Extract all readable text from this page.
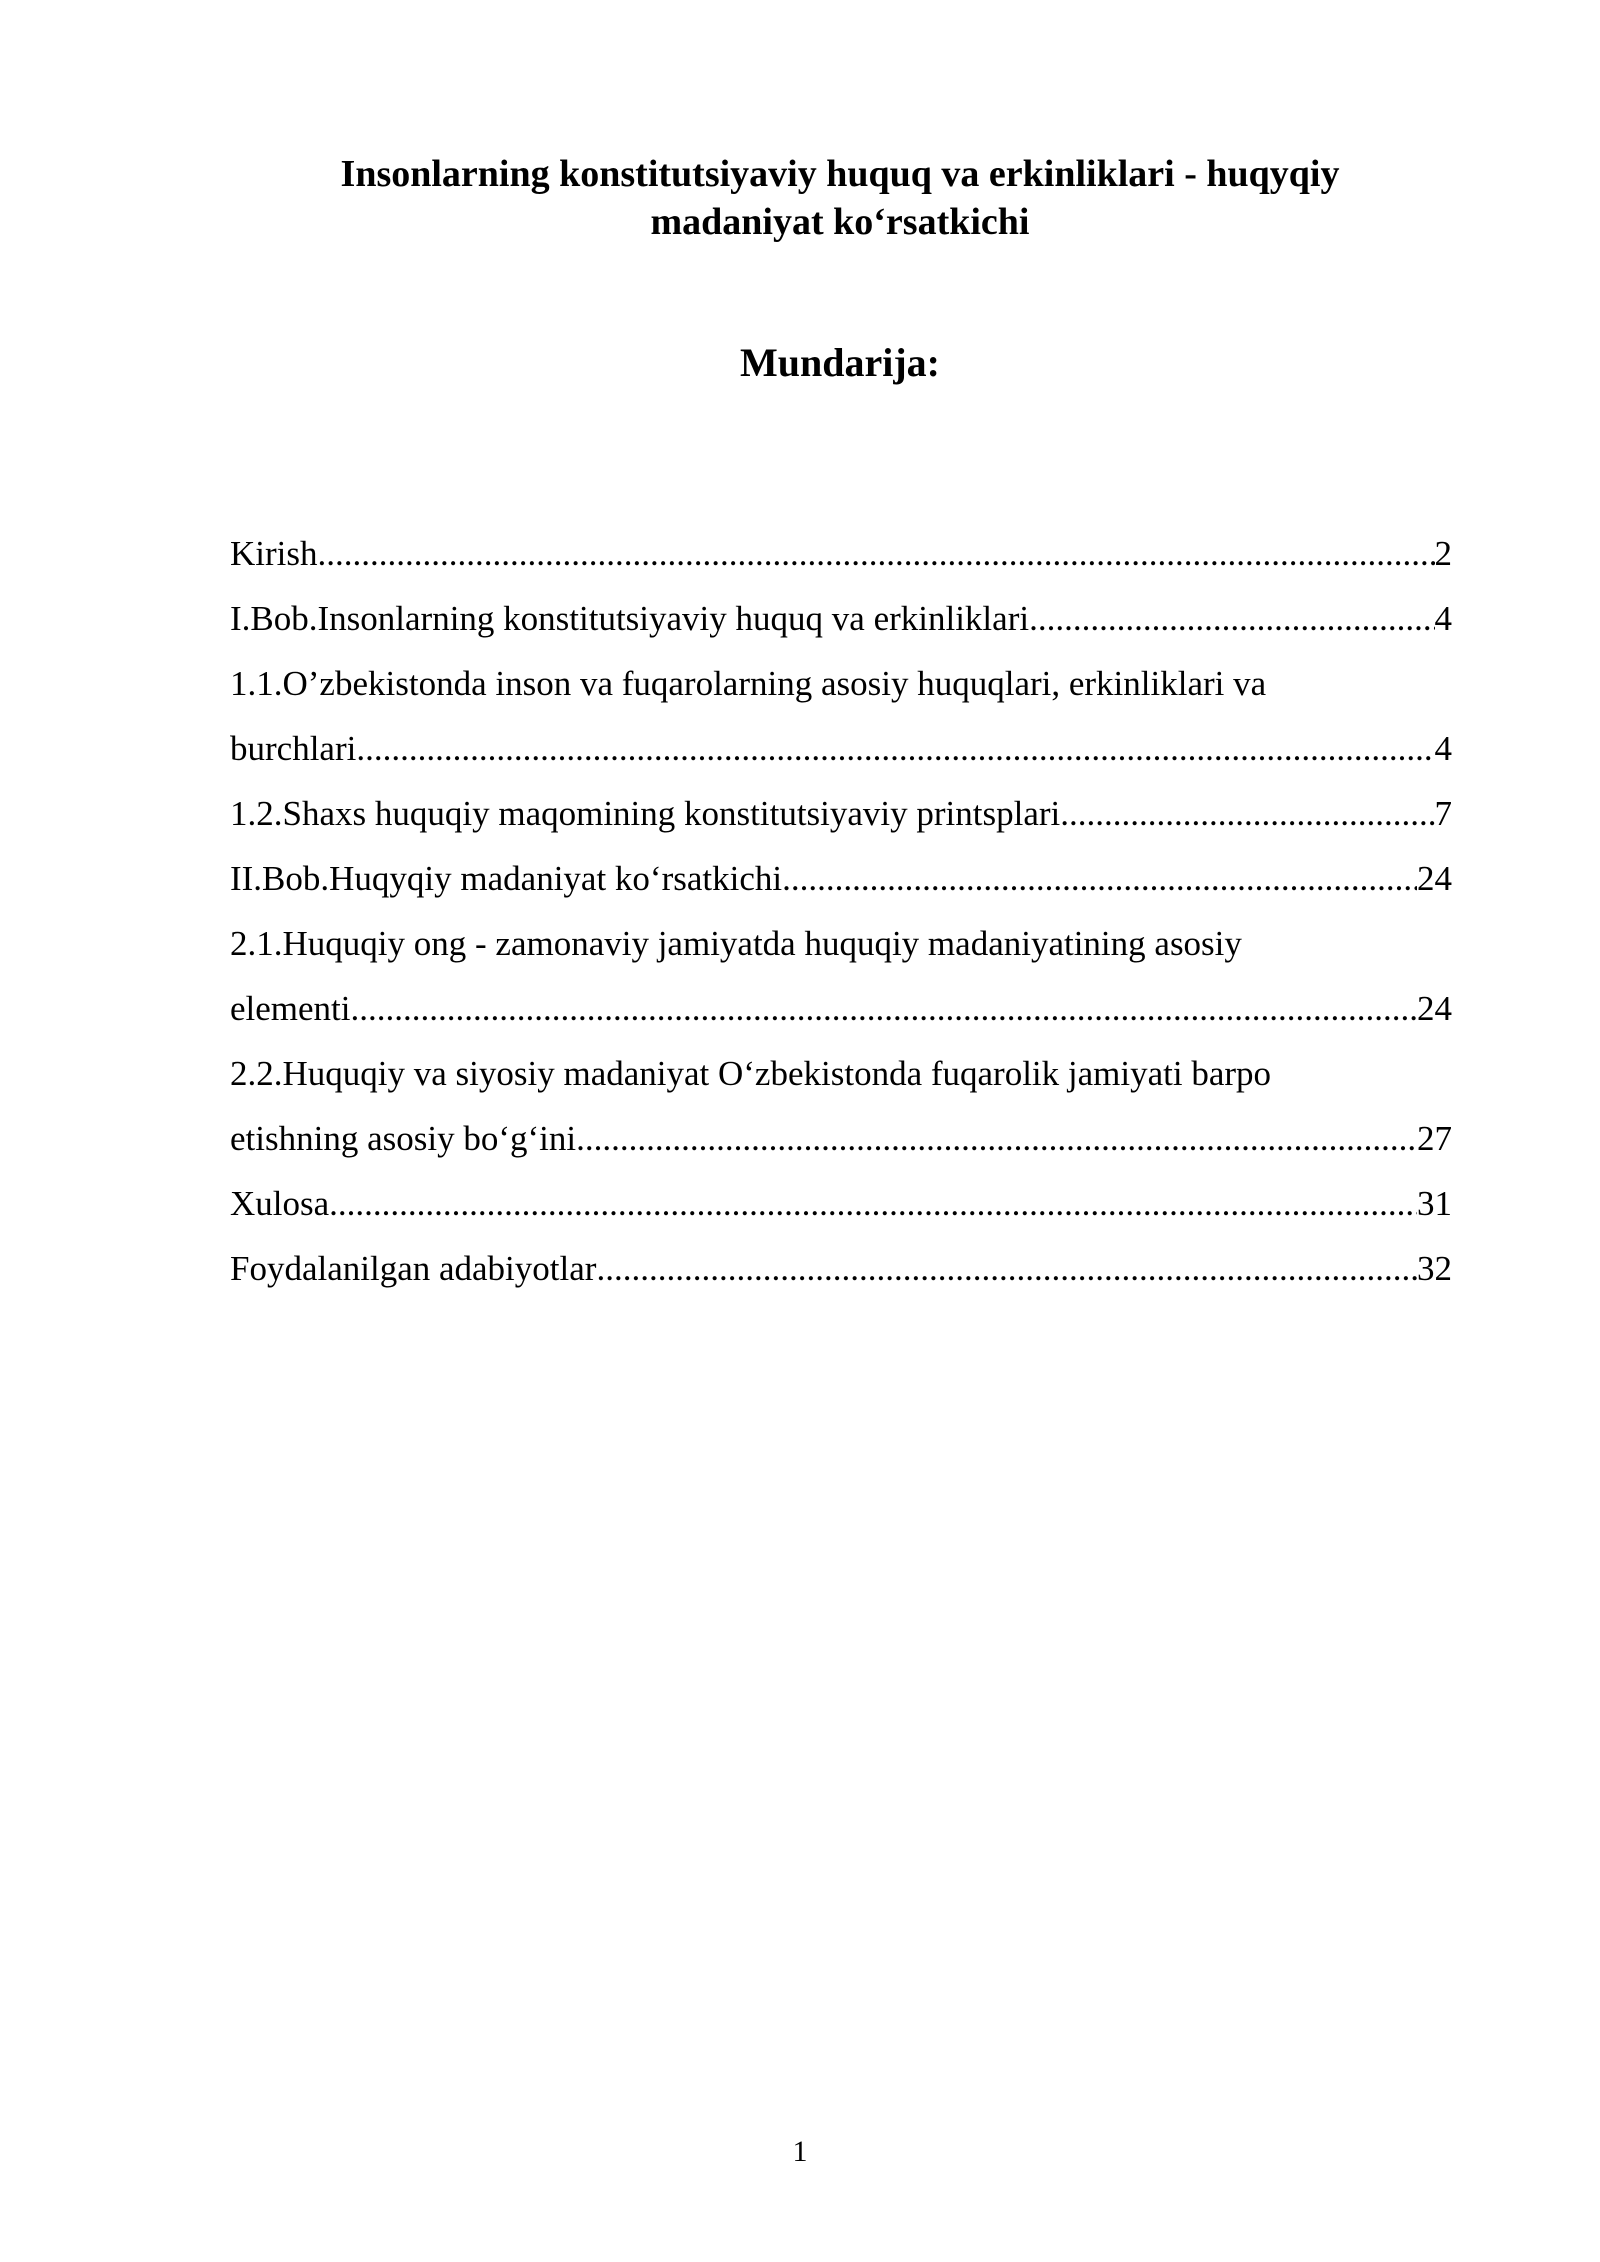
Insonlarning konstitutsiyaviy huquq va erkinliklari - huqyqiy
madaniyat ko‘rsatkichi
Mundarija:
Kirish .....	2
I.Bob.Insonlarning konstitutsiyaviy huquq va erkinliklari .....	4
1.1.O’zbekistonda inson va fuqarolarning asosiy huquqlari, erkinliklari va
burchlari .....	4
1.2.Shaxs huquqiy maqomining konstitutsiyaviy printsplari .....	7
II.Bob.Huqyqiy madaniyat ko‘rsatkichi .....	24
2.1.Huquqiy ong - zamonaviy jamiyatda huquqiy madaniyatining asosiy
elementi .....	24
2.2.Huquqiy va siyosiy madaniyat O‘zbekistonda fuqarolik jamiyati barpo
etishning asosiy bo‘g‘ini .....	27
Xulosa .....	31
Foydalanilgan adabiyotlar .....	32
1
